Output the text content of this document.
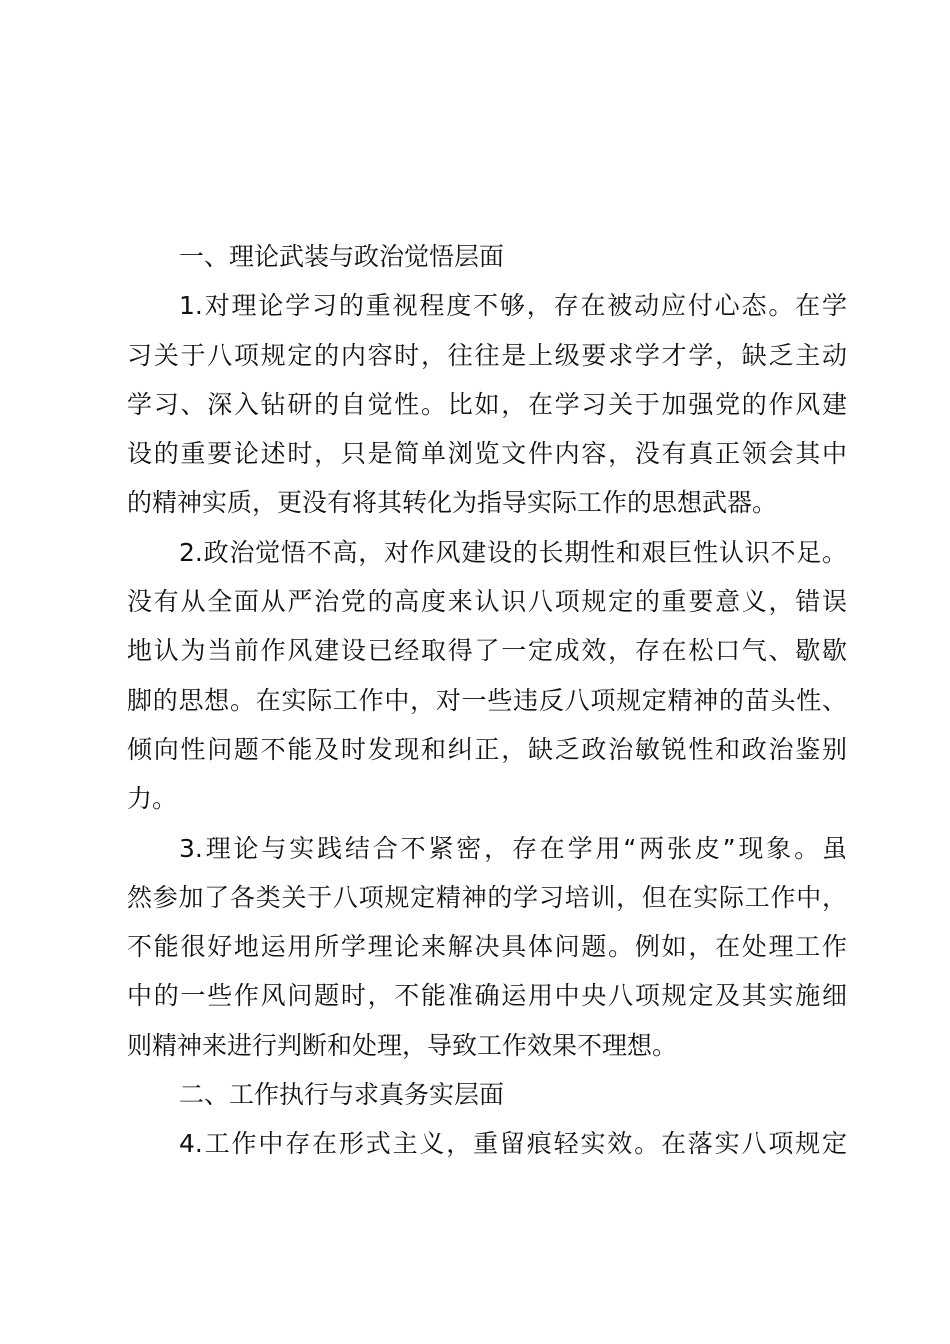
一、理论武装与政治觉悟层面
1.对理论学习的重视程度不够，存在被动应付心态。在学
习关于八项规定的内容时，往往是上级要求学才学，缺乏主动
学习、深入钻研的自觉性。比如，在学习关于加强党的作风建
设的重要论述时，只是简单浏览文件内容，没有真正领会其中
的精神实质，更没有将其转化为指导实际工作的思想武器。
2.政治觉悟不高，对作风建设的长期性和艰巨性认识不足。
没有从全面从严治党的高度来认识八项规定的重要意义，错误
地认为当前作风建设已经取得了一定成效，存在松口气、歇歇
脚的思想。在实际工作中，对一些违反八项规定精神的苗头性、
倾向性问题不能及时发现和纠正，缺乏政治敏锐性和政治鉴别
力。
3.理论与实践结合不紧密，存在学用“两张皮”现象。虽
然参加了各类关于八项规定精神的学习培训，但在实际工作中，
不能很好地运用所学理论来解决具体问题。例如，在处理工作
中的一些作风问题时，不能准确运用中央八项规定及其实施细
则精神来进行判断和处理，导致工作效果不理想。
二、工作执行与求真务实层面
4.工作中存在形式主义，重留痕轻实效。在落实八项规定
